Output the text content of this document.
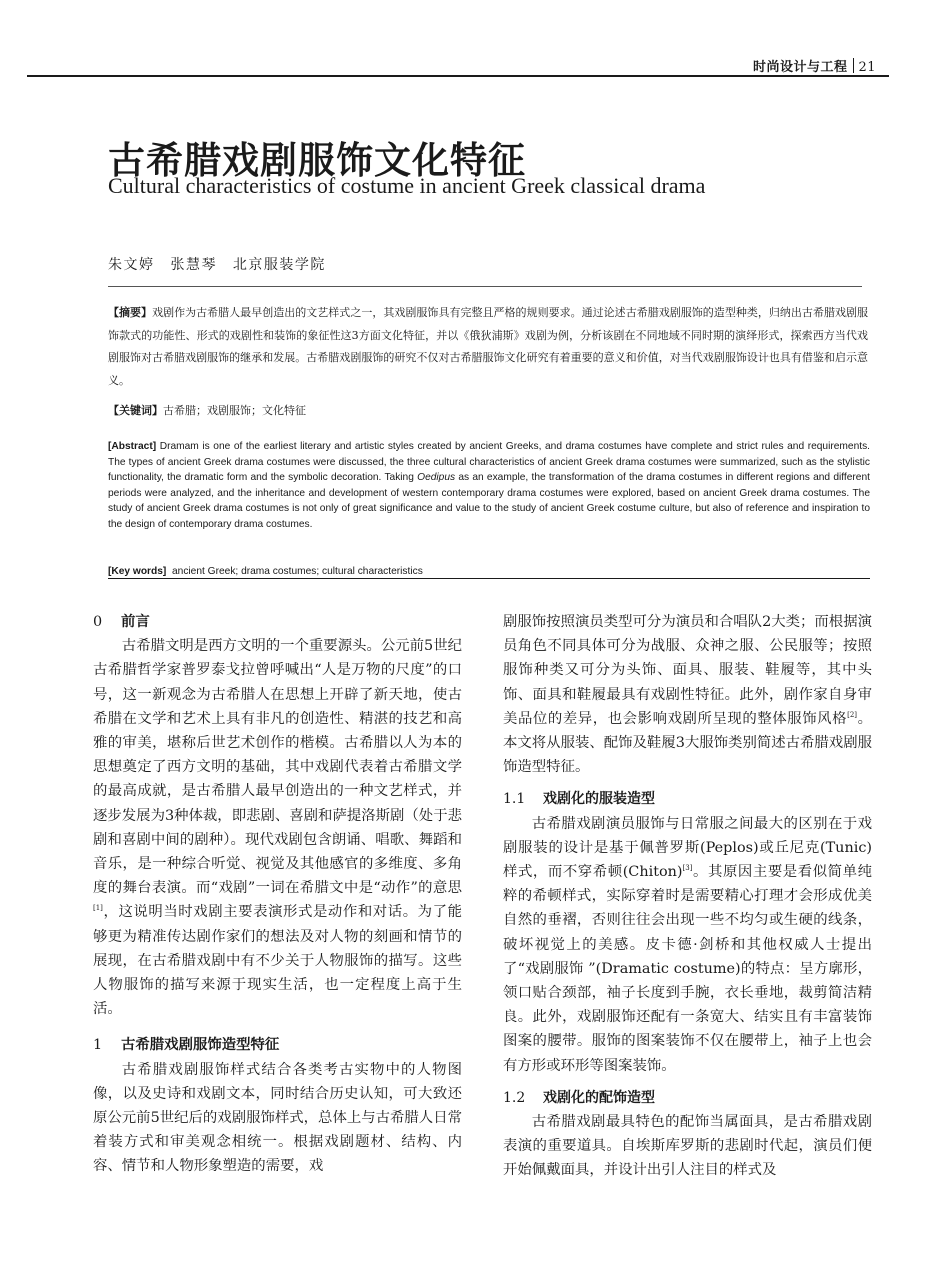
时尚设计与工程 21
古希腊戏剧服饰文化特征
Cultural characteristics of costume in ancient Greek classical drama
朱文婷 张慧琴 北京服装学院
【摘要】戏剧作为古希腊人最早创造出的文艺样式之一，其戏剧服饰具有完整且严格的规则要求。通过论述古希腊戏剧服饰的造型种类，归纳出古希腊戏剧服饰款式的功能性、形式的戏剧性和装饰的象征性这3方面文化特征，并以《俄狄浦斯》戏剧为例，分析该剧在不同地域不同时期的演绎形式，探索西方当代戏剧服饰对古希腊戏剧服饰的继承和发展。古希腊戏剧服饰的研究不仅对古希腊服饰文化研究有着重要的意义和价值，对当代戏剧服饰设计也具有借鉴和启示意义。
【关键词】古希腊；戏剧服饰；文化特征
[Abstract] Dramam is one of the earliest literary and artistic styles created by ancient Greeks, and drama costumes have complete and strict rules and requirements. The types of ancient Greek drama costumes were discussed, the three cultural characteristics of ancient Greek drama costumes were summarized, such as the stylistic functionality, the dramatic form and the symbolic decoration. Taking Oedipus as an example, the transformation of the drama costumes in different regions and different periods were analyzed, and the inheritance and development of western contemporary drama costumes were explored, based on ancient Greek drama costumes. The study of ancient Greek drama costumes is not only of great significance and value to the study of ancient Greek costume culture, but also of reference and inspiration to the design of contemporary drama costumes.
[Key words] ancient Greek; drama costumes; cultural characteristics
0 前言

古希腊文明是西方文明的一个重要源头。公元前5世纪古希腊哲学家普罗泰戈拉曾呼喊出“人是万物的尺度”的口号，这一新观念为古希腊人在思想上开辟了新天地，使古希腊在文学和艺术上具有非凡的创造性、精湛的技艺和高雅的审美，堪称后世艺术创作的楷模。古希腊以人为本的思想奠定了西方文明的基础，其中戏剧代表着古希腊文学的最高成就，是古希腊人最早创造出的一种文艺样式，并逐步发展为3种体裁，即悲剧、喜剧和萨提洛斯剧（处于悲剧和喜剧中间的剧种）。现代戏剧包含朗诵、唱歌、舞蹈和音乐，是一种综合听觉、视觉及其他感官的多维度、多角度的舞台表演。而“戏剧”一词在希腊文中是“动作”的意思[1]，这说明当时戏剧主要表演形式是动作和对话。为了能够更为精准传达剧作家们的想法及对人物的刻画和情节的展现，在古希腊戏剧中有不少关于人物服饰的描写。这些人物服饰的描写来源于现实生活，也一定程度上高于生活。

1 古希腊戏剧服饰造型特征

古希腊戏剧服饰样式结合各类考古实物中的人物图像，以及史诗和戏剧文本，同时结合历史认知，可大致还原公元前5世纪后的戏剧服饰样式，总体上与古希腊人日常着装方式和审美观念相统一。根据戏剧题材、结构、内容、情节和人物形象塑造的需要，戏

剧服饰按照演员类型可分为演员和合唱队2大类；而根据演员角色不同具体可分为战服、众神之服、公民服等；按照服饰种类又可分为头饰、面具、服装、鞋履等，其中头饰、面具和鞋履最具有戏剧性特征。此外，剧作家自身审美品位的差异，也会影响戏剧所呈现的整体服饰风格[2]。本文将从服装、配饰及鞋履3大服饰类别简述古希腊戏剧服饰造型特征。

1.1 戏剧化的服装造型

古希腊戏剧演员服饰与日常服之间最大的区别在于戏剧服装的设计是基于佩普罗斯(Peplos)或丘尼克(Tunic)样式，而不穿希顿(Chiton)[3]。其原因主要是看似简单纯粹的希顿样式，实际穿着时是需要精心打理才会形成优美自然的垂褶，否则往往会出现一些不均匀或生硬的线条，破坏视觉上的美感。皮卡德·剑桥和其他权威人士提出了“戏剧服饰 ”(Dramatic costume)的特点：呈方廓形，领口贴合颈部，袖子长度到手腕，衣长垂地，裁剪简洁精良。此外，戏剧服饰还配有一条宽大、结实且有丰富装饰图案的腰带。服饰的图案装饰不仅在腰带上，袖子上也会有方形或环形等图案装饰。

1.2 戏剧化的配饰造型

古希腊戏剧最具特色的配饰当属面具，是古希腊戏剧表演的重要道具。自埃斯库罗斯的悲剧时代起，演员们便开始佩戴面具，并设计出引人注目的样式及
